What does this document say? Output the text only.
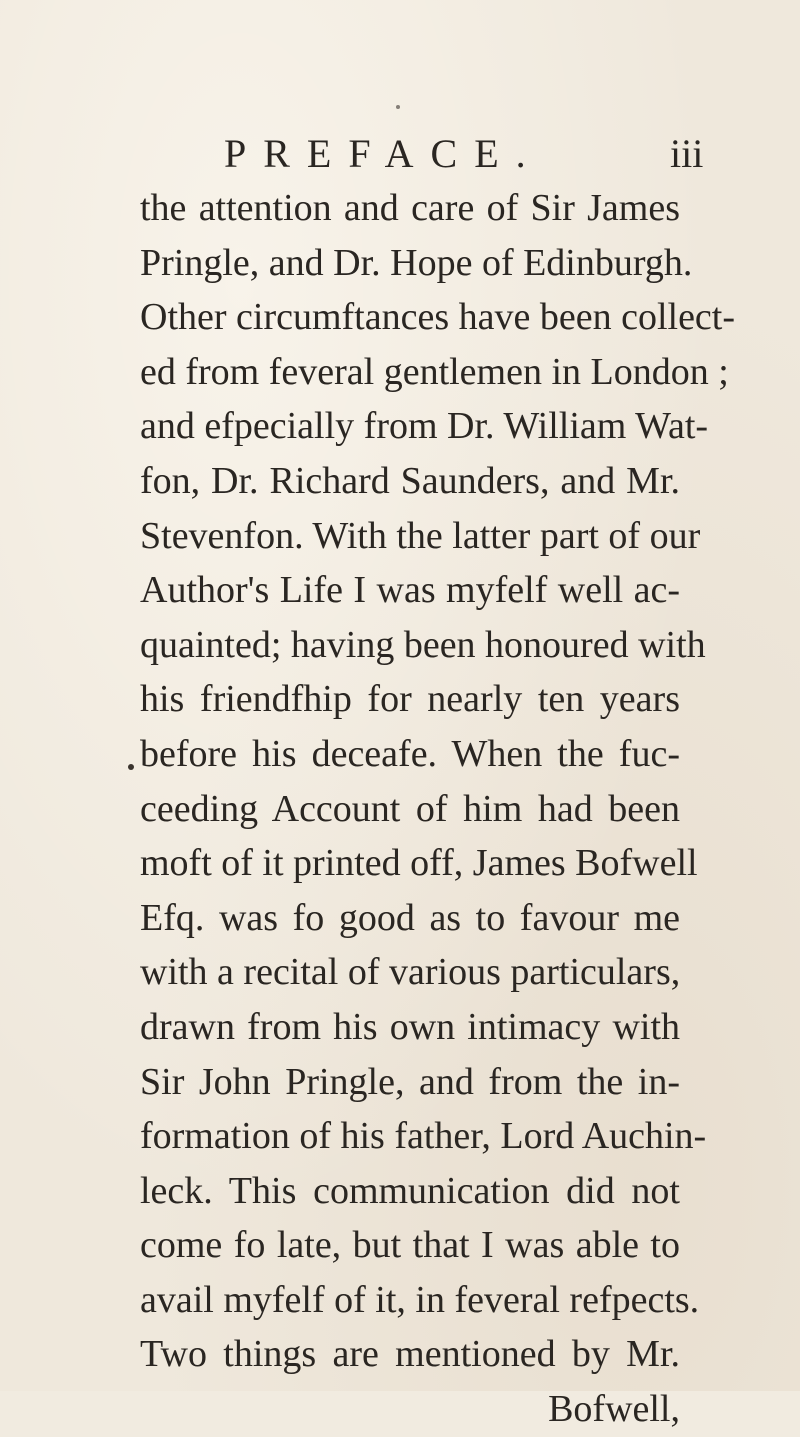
PREFACE.	iii
the attention and care of Sir James
Pringle, and Dr. Hope of Edinburgh.
Other circumftances have been collect-
ed from feveral gentlemen in London ;
and efpecially from Dr. William Wat-
fon, Dr. Richard Saunders, and Mr.
Stevenfon. With the latter part of our
Author's Life I was myfelf well ac-
quainted; having been honoured with
his friendfhip for nearly ten years
before his deceafe. When the fuc-
ceeding Account of him had been
moft of it printed off, James Bofwell
Efq. was fo good as to favour me
with a recital of various particulars,
drawn from his own intimacy with
Sir John Pringle, and from the in-
formation of his father, Lord Auchin-
leck. This communication did not
come fo late, but that I was able to
avail myfelf of it, in feveral refpects.
Two things are mentioned by Mr.
Bofwell,
